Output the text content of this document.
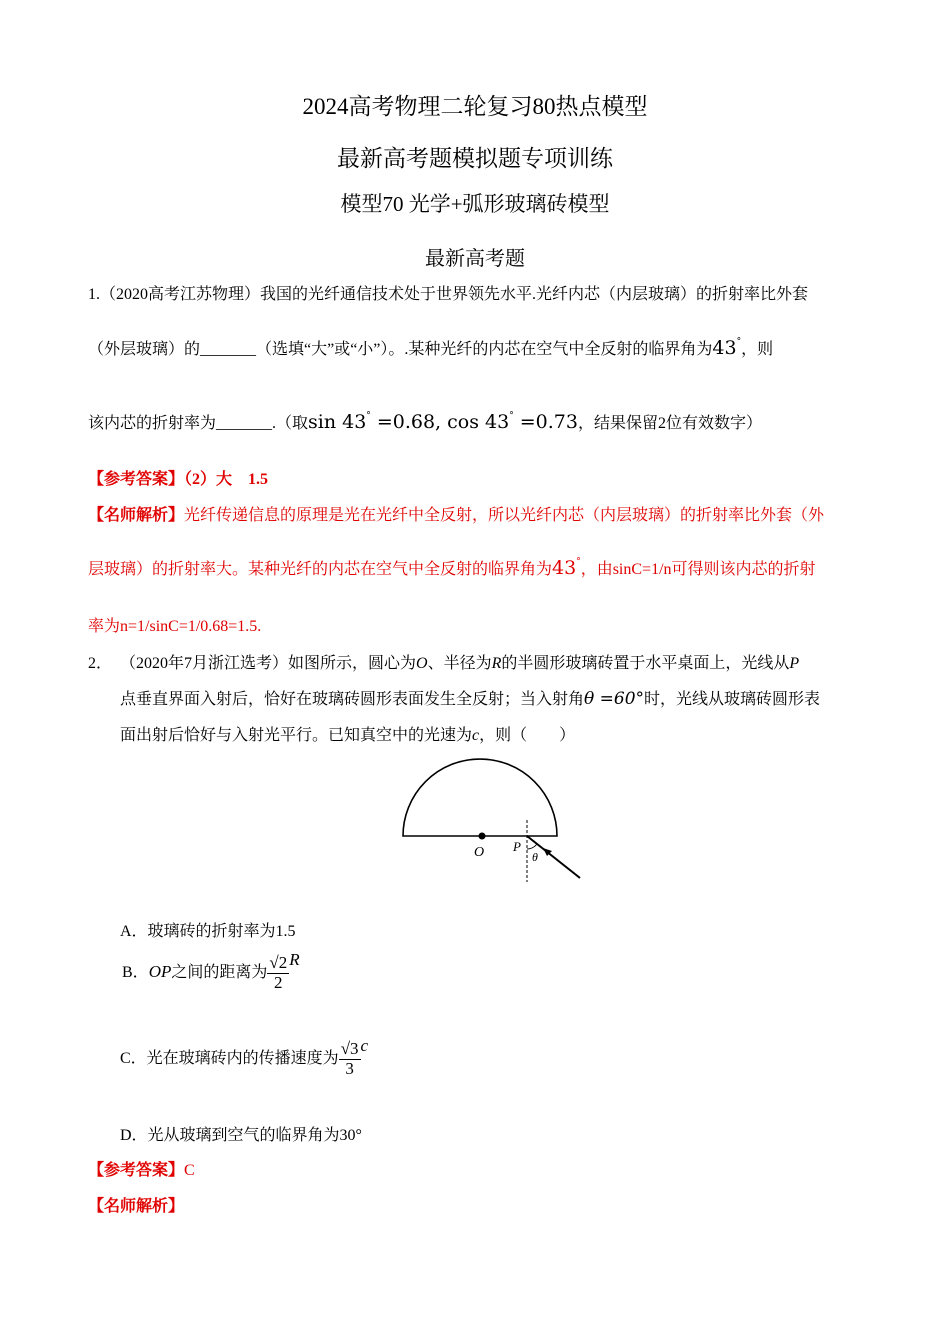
2024高考物理二轮复习80热点模型
最新高考题模拟题专项训练
模型70 光学+弧形玻璃砖模型
最新高考题
1.（2020高考江苏物理）我国的光纤通信技术处于世界领先水平.光纤内芯（内层玻璃）的折射率比外套
（外层玻璃）的_______（选填“大”或“小”）。.某种光纤的内芯在空气中全反射的临界角为43°，则
该内芯的折射率为_______.（取sin 43° =0.68, cos 43° =0.73，结果保留2位有效数字）
【参考答案】（2）大　1.5
【名师解析】光纤传递信息的原理是光在光纤中全反射，所以光纤内芯（内层玻璃）的折射率比外套（外
层玻璃）的折射率大。某种光纤的内芯在空气中全反射的临界角为43°，由sinC=1/n可得则该内芯的折射
率为n=1/sinC=1/0.68=1.5.
2． （2020年7月浙江选考）如图所示，圆心为O、半径为R的半圆形玻璃砖置于水平桌面上，光线从P
点垂直界面入射后，恰好在玻璃砖圆形表面发生全反射；当入射角θ =60°时，光线从玻璃砖圆形表
面出射后恰好与入射光平行。已知真空中的光速为c，则（　　）
O P
θ
A．玻璃砖的折射率为1.5
B．OP之间的距离为 $\frac{√2}{2}$ R
C．光在玻璃砖内的传播速度为 $\frac{√3}{3}$ c
D．光从玻璃到空气的临界角为30°
【参考答案】C
【名师解析】
